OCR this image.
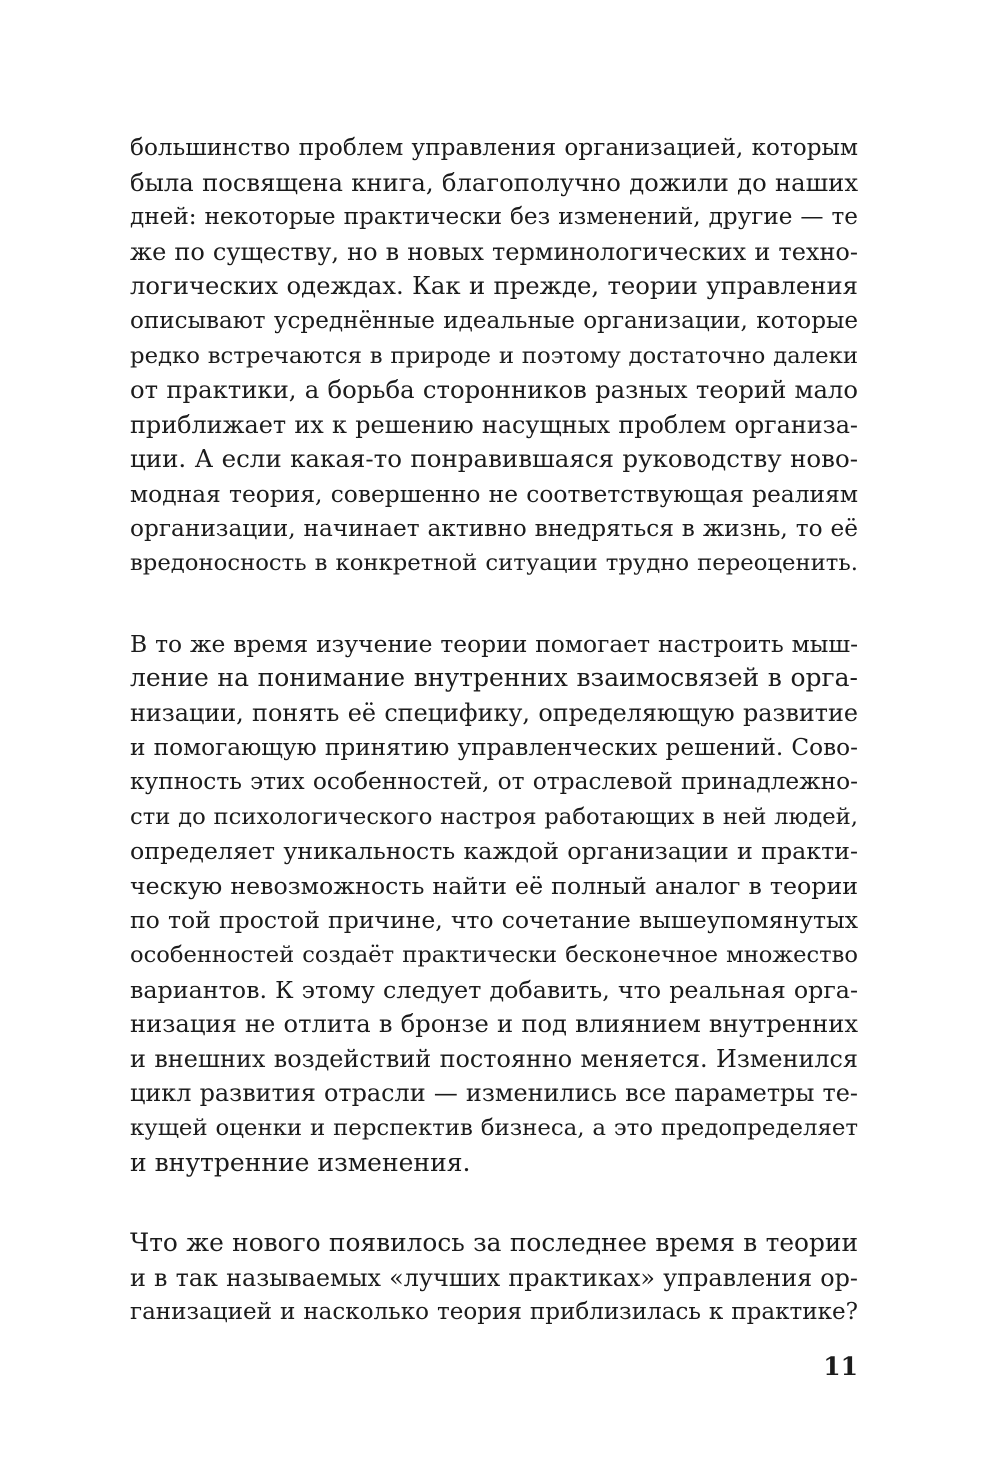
большинство проблем управления организацией, которым
была посвящена книга, благополучно дожили до наших
дней: некоторые практически без изменений, другие — те
же по существу, но в новых терминологических и техно-
логических одеждах. Как и прежде, теории управления
описывают усреднённые идеальные организации, которые
редко встречаются в природе и поэтому достаточно далеки
от практики, а борьба сторонников разных теорий мало
приближает их к решению насущных проблем организа-
ции. А если какая-то понравившаяся руководству ново-
модная теория, совершенно не соответствующая реалиям
организации, начинает активно внедряться в жизнь, то её
вредоносность в конкретной ситуации трудно переоценить.
В то же время изучение теории помогает настроить мыш-
ление на понимание внутренних взаимосвязей в орга-
низации, понять её специфику, определяющую развитие
и помогающую принятию управленческих решений. Сово-
купность этих особенностей, от отраслевой принадлежно-
сти до психологического настроя работающих в ней людей,
определяет уникальность каждой организации и практи-
ческую невозможность найти её полный аналог в теории
по той простой причине, что сочетание вышеупомянутых
особенностей создаёт практически бесконечное множество
вариантов. К этому следует добавить, что реальная орга-
низация не отлита в бронзе и под влиянием внутренних
и внешних воздействий постоянно меняется. Изменился
цикл развития отрасли — изменились все параметры те-
кущей оценки и перспектив бизнеса, а это предопределяет
и внутренние изменения.
Что же нового появилось за последнее время в теории
и в так называемых «лучших практиках» управления ор-
ганизацией и насколько теория приблизилась к практике?
11
